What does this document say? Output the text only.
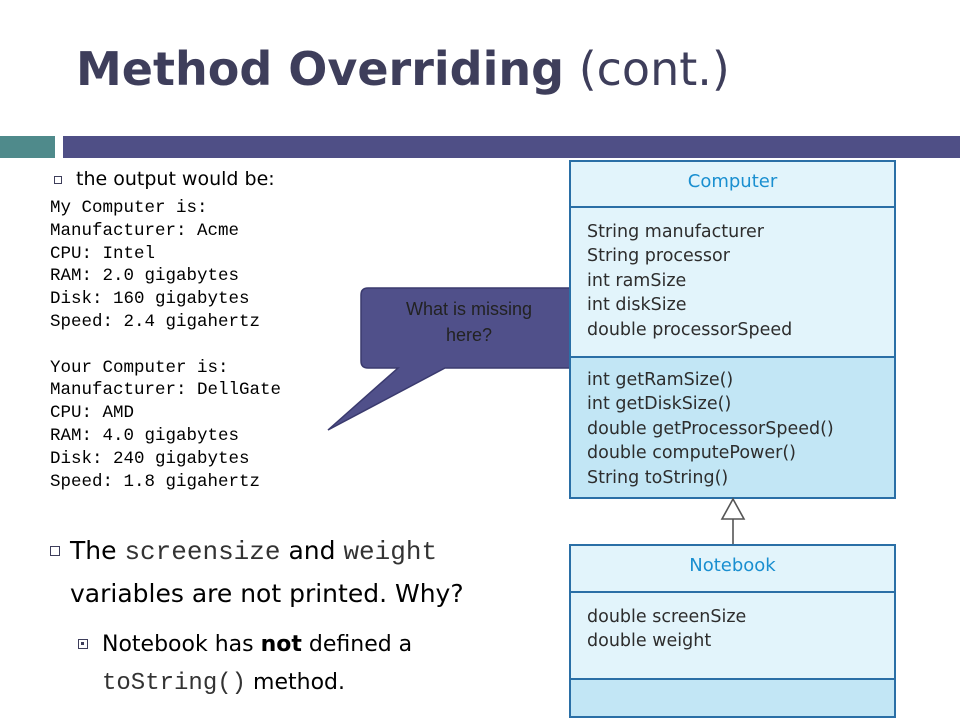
Method Overriding (cont.)
the output would be:
My Computer is:
Manufacturer: Acme
CPU: Intel
RAM: 2.0 gigabytes
Disk: 160 gigabytes
Speed: 2.4 gigahertz
Your Computer is:
Manufacturer: DellGate
CPU: AMD
RAM: 4.0 gigabytes
Disk: 240 gigabytes
Speed: 1.8 gigahertz
What is missing
here?
Computer
String manufacturer
String processor
int ramSize
int diskSize
double processorSpeed
int getRamSize()
int getDiskSize()
double getProcessorSpeed()
double computePower()
String toString()
Notebook
double screenSize
double weight
The screensize and weight variables are not printed. Why?
Notebook has not defined a toString() method.
